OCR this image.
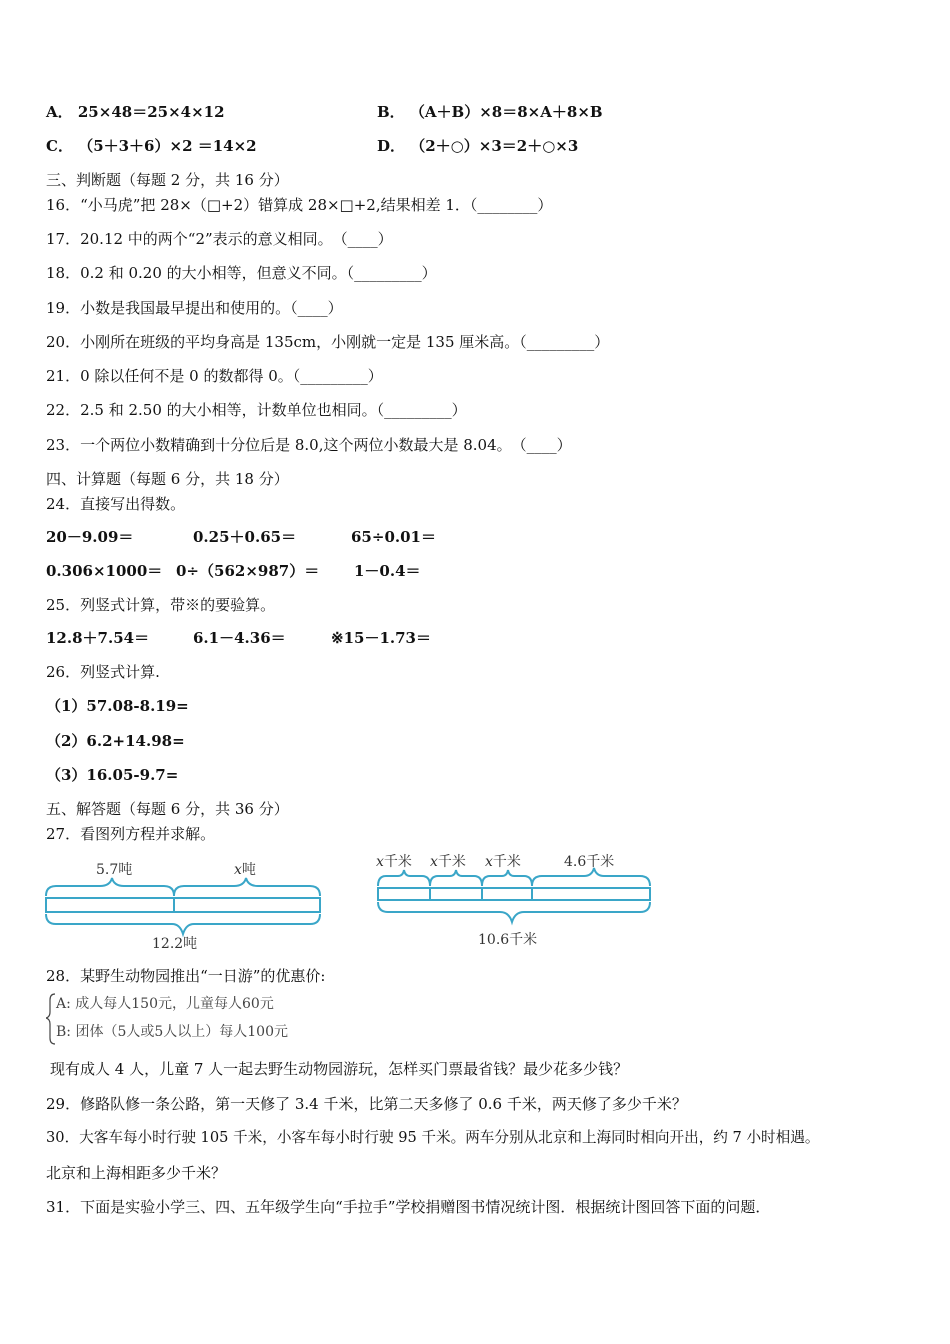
A． 25×48＝25×4×12	B． （A＋B）×8＝8×A＋8×B
C． （5＋3＋6）×2 ＝14×2	D． （2＋○）×3＝2＋○×3
三、判断题（每题 2 分，共 16 分）
16．“小马虎”把 28×（□+2）错算成 28×□+2,结果相差 1．（________）
17．20.12 中的两个“2”表示的意义相同。　（____）
18．0.2 和 0.20 的大小相等，但意义不同。（_________）
19．小数是我国最早提出和使用的。（____）
20．小刚所在班级的平均身高是 135cm，小刚就一定是 135 厘米高。（_________）
21．0 除以任何不是 0 的数都得 0。（_________）
22．2.5 和 2.50 的大小相等，计数单位也相同。（_________）
23．一个两位小数精确到十分位后是 8.0,这个两位小数最大是 8.04。　（____）
四、计算题（每题 6 分，共 18 分）
24．直接写出得数。
20－9.09＝	0.25＋0.65＝	65÷0.01＝
0.306×1000＝ 0÷（562×987）＝ 1－0.4＝
25．列竖式计算，带※的要验算。
12.8＋7.54＝	6.1－4.36＝	※15－1.73＝
26．列竖式计算.
（1）57.08-8.19=
（2）6.2+14.98=
（3）16.05-9.7=
五、解答题（每题 6 分，共 36 分）
27．看图列方程并求解。
5.7吨	x吨
12.2吨
x千米 x千米 x千米	4.6千米
10.6千米
28．某野生动物园推出“一日游”的优惠价:
A: 成人每人150元，儿童每人60元
B: 团体（5人或5人以上）每人100元
现有成人 4 人，儿童 7 人一起去野生动物园游玩，怎样买门票最省钱？最少花多少钱？
29．修路队修一条公路，第一天修了 3.4 千米，比第二天多修了 0.6 千米，两天修了多少千米？
30．大客车每小时行驶 105 千米，小客车每小时行驶 95 千米。两车分别从北京和上海同时相向开出，约 7 小时相遇。
北京和上海相距多少千米？
31．下面是实验小学三、四、五年级学生向“手拉手”学校捐赠图书情况统计图．根据统计图回答下面的问题．
